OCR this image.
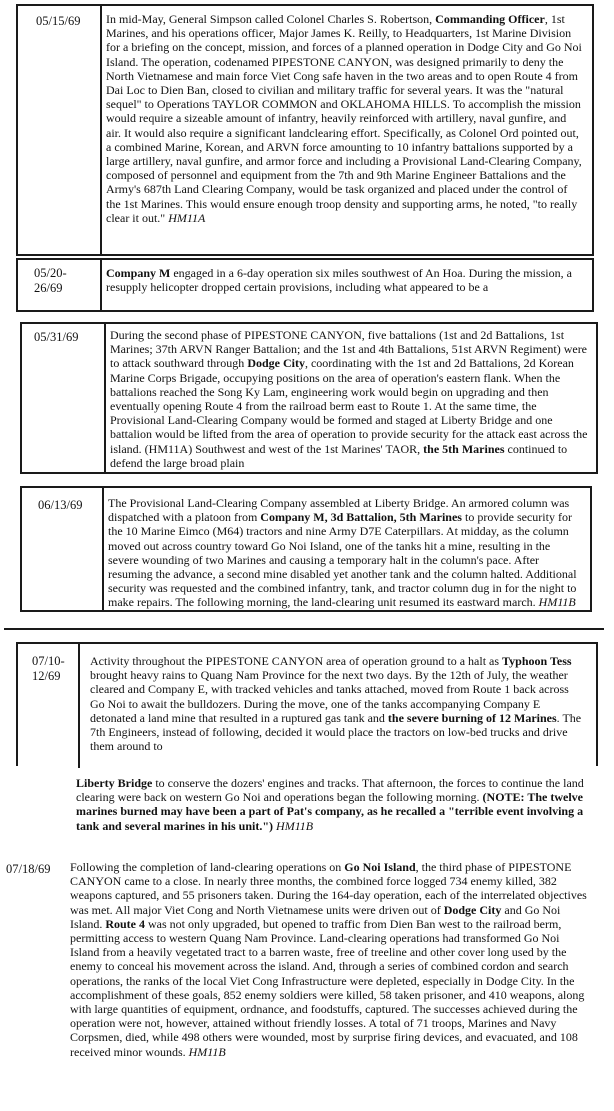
05/15/69 In mid-May, General Simpson called Colonel Charles S. Robertson, Commanding Officer, 1st Marines, and his operations officer, Major James K. Reilly, to Headquarters, 1st Marine Division for a briefing on the concept, mission, and forces of a planned operation in Dodge City and Go Noi Island. The operation, codenamed PIPESTONE CANYON, was designed primarily to deny the North Vietnamese and main force Viet Cong safe haven in the two areas and to open Route 4 from Dai Loc to Dien Ban, closed to civilian and military traffic for several years. It was the "natural sequel" to Operations TAYLOR COMMON and OKLAHOMA HILLS. To accomplish the mission would require a sizeable amount of infantry, heavily reinforced with artillery, naval gunfire, and air. It would also require a significant landclearing effort. Specifically, as Colonel Ord pointed out, a combined Marine, Korean, and ARVN force amounting to 10 infantry battalions supported by a large artillery, naval gunfire, and armor force and including a Provisional Land-Clearing Company, composed of personnel and equipment from the 7th and 9th Marine Engineer Battalions and the Army's 687th Land Clearing Company, would be task organized and placed under the control of the 1st Marines. This would ensure enough troop density and supporting arms, he noted, "to really clear it out." HM11A
05/20-
26/69
Company M engaged in a 6-day operation six miles southwest of An Hoa. During the mission, a resupply helicopter dropped certain provisions, including what appeared to be a
05/31/69	During the second phase of PIPESTONE CANYON, five battalions (1st and 2d Battalions, 1st Marines; 37th ARVN Ranger Battalion; and the 1st and 4th Battalions, 51st ARVN Regiment) were to attack southward through Dodge City, coordinating with the 1st and 2d Battalions, 2d Korean Marine Corps Brigade, occupying positions on the area of operation's eastern flank. When the battalions reached the Song Ky Lam, engineering work would begin on upgrading and then eventually opening Route 4 from the railroad berm east to Route 1. At the same time, the Provisional Land-Clearing Company would be formed and staged at Liberty Bridge and one battalion would be lifted from the area of operation to provide security for the attack east across the island. (HM11A) Southwest and west of the 1st Marines' TAOR, the 5th Marines continued to defend the large broad plain
06/13/69 The Provisional Land-Clearing Company assembled at Liberty Bridge. An armored column was dispatched with a platoon from Company M, 3d Battalion, 5th Marines to provide security for the 10 Marine Eimco (M64) tractors and nine Army D7E Caterpillars. At midday, as the column moved out across country toward Go Noi Island, one of the tanks hit a mine, resulting in the severe wounding of two Marines and causing a temporary halt in the column's pace. After resuming the advance, a second mine disabled yet another tank and the column halted. Additional security was requested and the combined infantry, tank, and tractor column dug in for the night to make repairs. The following morning, the land-clearing unit resumed its eastward march. HM11B
07/10-
12/69
Activity throughout the PIPESTONE CANYON area of operation ground to a halt as Typhoon Tess brought heavy rains to Quang Nam Province for the next two days. By the 12th of July, the weather cleared and Company E, with tracked vehicles and tanks attached, moved from Route 1 back across Go Noi to await the bulldozers. During the move, one of the tanks accompanying Company E detonated a land mine that resulted in a ruptured gas tank and the severe burning of 12 Marines. The 7th Engineers, instead of following, decided it would place the tractors on low-bed trucks and drive them around to
Liberty Bridge to conserve the dozers' engines and tracks. That afternoon, the forces to continue the land clearing were back on western Go Noi and operations began the following morning. (NOTE: The twelve marines burned may have been a part of Pat's company, as he recalled a "terrible event involving a tank and several marines in his unit.") HM11B
07/18/69 Following the completion of land-clearing operations on Go Noi Island, the third phase of PIPESTONE CANYON came to a close. In nearly three months, the combined force logged 734 enemy killed, 382 weapons captured, and 55 prisoners taken. During the 164-day operation, each of the interrelated objectives was met. All major Viet Cong and North Vietnamese units were driven out of Dodge City and Go Noi Island. Route 4 was not only upgraded, but opened to traffic from Dien Ban west to the railroad berm, permitting access to western Quang Nam Province. Land-clearing operations had transformed Go Noi Island from a heavily vegetated tract to a barren waste, free of treeline and other cover long used by the enemy to conceal his movement across the island. And, through a series of combined cordon and search operations, the ranks of the local Viet Cong Infrastructure were depleted, especially in Dodge City. In the accomplishment of these goals, 852 enemy soldiers were killed, 58 taken prisoner, and 410 weapons, along with large quantities of equipment, ordnance, and foodstuffs, captured. The successes achieved during the operation were not, however, attained without friendly losses. A total of 71 troops, Marines and Navy Corpsmen, died, while 498 others were wounded, most by surprise firing devices, and evacuated, and 108 received minor wounds. HM11B
